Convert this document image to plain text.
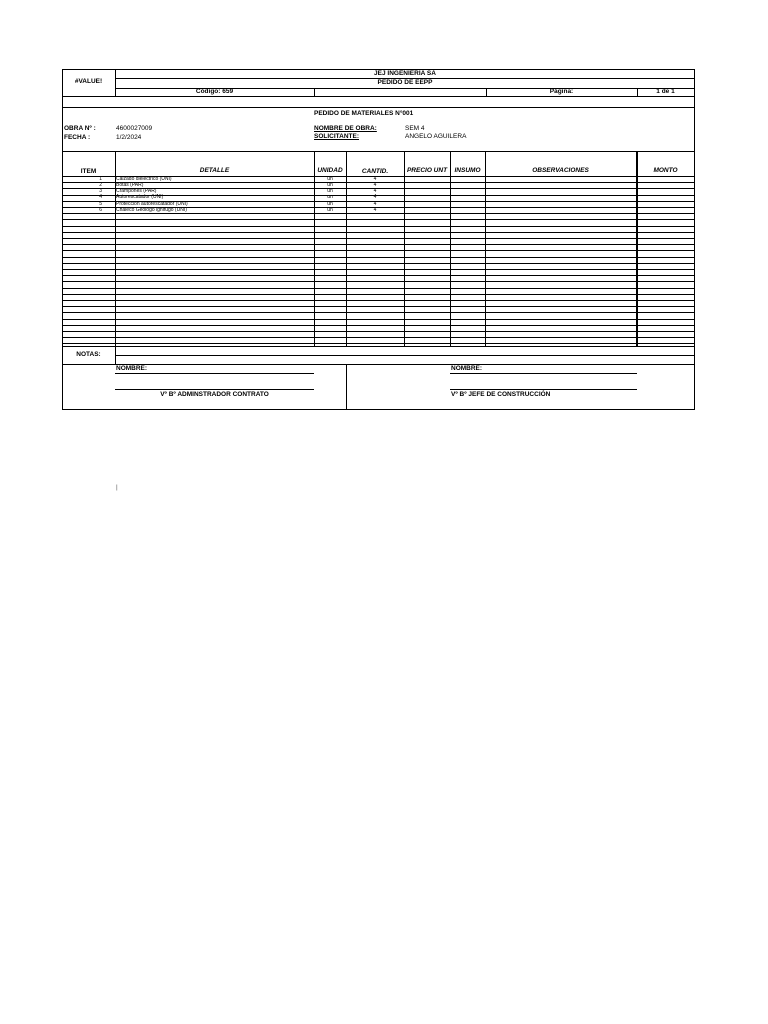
#VALUE!
JEJ INGENIERIA SA
PEDIDO DE EEPP
Código: 659	Página:	1 de 1
PEDIDO DE MATERIALES N°001
OBRA Nº :	4600027009
FECHA :	1/2/2024
NOMBRE DE OBRA:	SEM 4
SOLICITANTE:	ANGELO AGUILERA
ITEM	DETALLE	UNIDAD	CANTID.	PRECIO UNT	INSUMO	OBSERVACIONES	MONTO
1	Calzado dielectrico (UNI)	un	4
2	Botas (PAR)	un	4
3	Crampones (PAR)	un	4
4	Autorescatador (UNI)	un	4
5	Protección autorescatador (UNI)	un	4
6	Chaleco Geologo ignifugo (UNI)	un	4
NOTAS:
NOMBRE:
Vº Bº ADMINSTRADOR CONTRATO
NOMBRE:
Vº Bº JEFE DE CONSTRUCCIÓN
|
